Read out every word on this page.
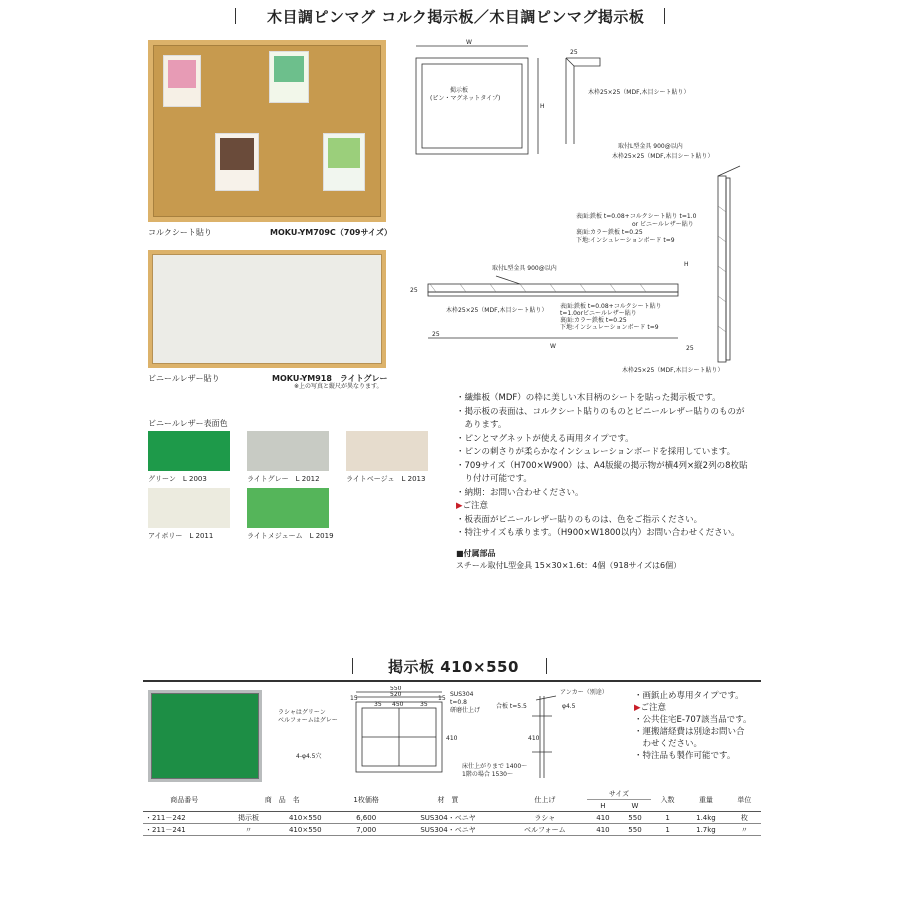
木目調ピンマグ コルク掲示板／木目調ピンマグ掲示板
コルクシート貼り	MOKU-YM709C（709サイズ）
ビニールレザー貼り	MOKU-YM918　ライトグレー
※上の写真と縦尺が異なります。
ビニールレザー表面色
グリーン　L 2003	ライトグレー　L 2012	ライトベージュ　L 2013
アイボリー　L 2011	ライトメジューム　L 2019
W
H
掲示板
(ピン・マグネットタイプ)
25
木枠25×25（MDF,木目シート貼り）
取付L型金具 900@以内
木枠25×25（MDF,木目シート貼り）
表面:鉄板 t=0.08+コルクシート貼り t=1.0
or ビニールレザー貼り
裏面:カラー鉄板 t=0.25
下地:インシュレーションボード t=9
H
取付L型金具 900@以内
25
木枠25×25（MDF,木目シート貼り）
表面:鉄板 t=0.08+コルクシート貼り
t=1.0orビニールレザー貼り
裏面:カラー鉄板 t=0.25
下地:インシュレーションボード t=9
25
W	25
木枠25×25（MDF,木目シート貼り）
・繊維板（MDF）の枠に美しい木目柄のシートを貼った掲示板です。
・掲示板の表面は、コルクシート貼りのものとビニールレザー貼りのものが
　あります。
・ピンとマグネットが使える両用タイプです。
・ピンの刺さりが柔らかなインシュレーションボードを採用しています。
・709サイズ（H700×W900）は、A4版縦の掲示物が横4列×縦2列の8枚貼
　り付け可能です。
・納期：お問い合わせください。
▶ご注意
・板表面がビニールレザー貼りのものは、色をご指示ください。
・特注サイズも承ります。（H900×W1800以内）お問い合わせください。
■付属部品
スチール取付L型金具 15×30×1.6t：4個（918サイズは6個）
掲示板 410×550
15
550
520
35 450	35
15
SUS304
t=0.8
研磨仕上げ
410
ラシャはグリーン
ベルフォームはグレー
4-φ4.5穴
合板 t=5.5
アンカー（別途）
φ4.5
410
床仕上がりまで 1400～
1階の場合 1530～
・画鋲止め専用タイプです。
▶ご注意
・公共住宅E-707該当品です。
・運搬諸経費は別途お問い合
　わせください。
・特注品も製作可能です。
商品番号	商　品　名		1枚価格	材　質	仕上げ	サイズ		入数	重量	単位
						H	W			
・211－242	掲示板	410×550	6,600	SUS304・ベニヤ	ラシャ	410	550	1	1.4kg	枚
・211－241	〃	410×550	7,000	SUS304・ベニヤ	ベルフォーム	410	550	1	1.7kg	〃
